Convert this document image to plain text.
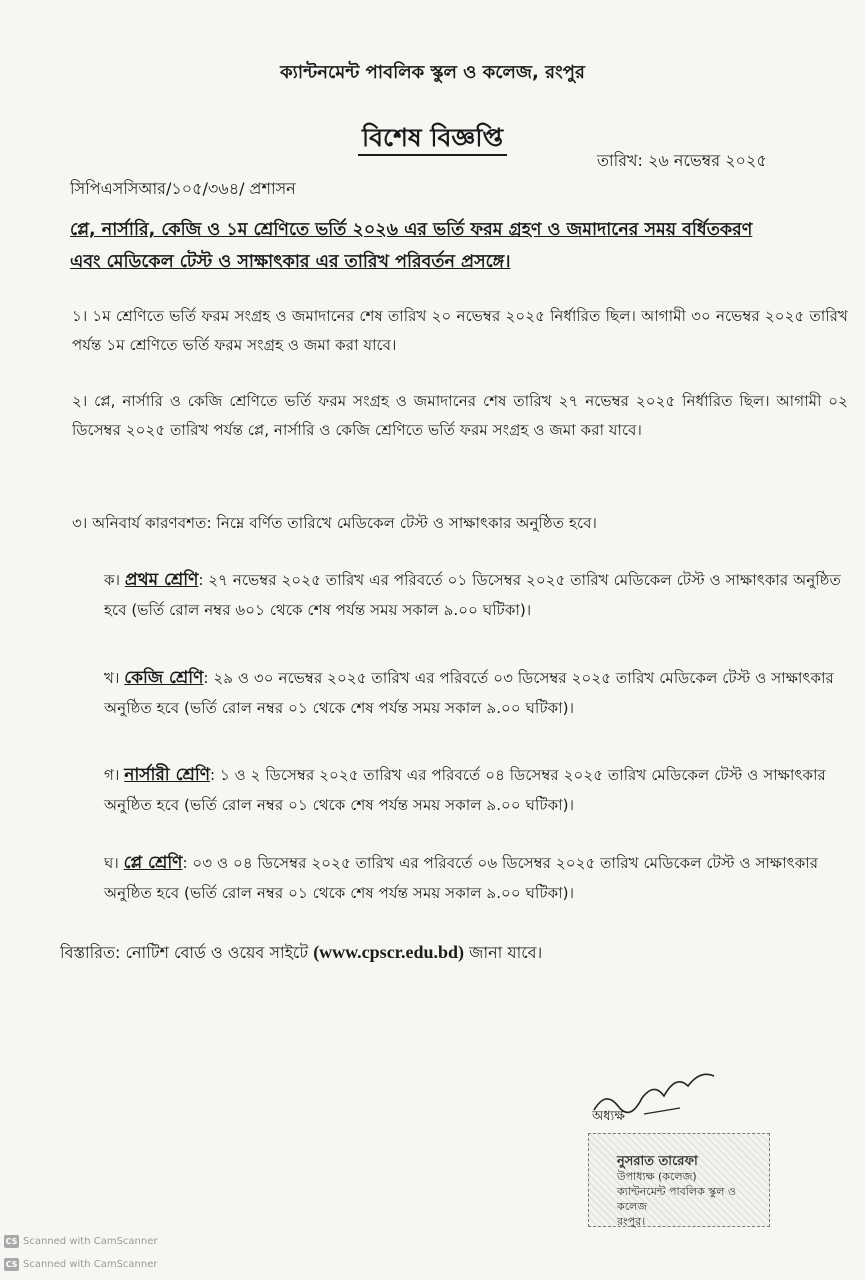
ক্যান্টনমেন্ট পাবলিক স্কুল ও কলেজ, রংপুর
বিশেষ বিজ্ঞপ্তি
তারিখ: ২৬ নভেম্বর ২০২৫
সিপিএসসিআর/১০৫/৩৬৪/ প্রশাসন
প্লে, নার্সারি, কেজি ও ১ম শ্রেণিতে ভর্তি ২০২৬ এর ভর্তি ফরম গ্রহণ ও জমাদানের সময় বর্ধিতকরণ
এবং মেডিকেল টেস্ট ও সাক্ষাৎকার এর তারিখ পরিবর্তন প্রসঙ্গে।
১। ১ম শ্রেণিতে ভর্তি ফরম সংগ্রহ ও জমাদানের শেষ তারিখ ২০ নভেম্বর ২০২৫ নির্ধারিত ছিল। আগামী ৩০ নভেম্বর ২০২৫ তারিখ পর্যন্ত ১ম শ্রেণিতে ভর্তি ফরম সংগ্রহ ও জমা করা যাবে।
২। প্লে, নার্সারি ও কেজি শ্রেণিতে ভর্তি ফরম সংগ্রহ ও জমাদানের শেষ তারিখ ২৭ নভেম্বর ২০২৫ নির্ধারিত ছিল। আগামী ০২ ডিসেম্বর ২০২৫ তারিখ পর্যন্ত প্লে, নার্সারি ও কেজি শ্রেণিতে ভর্তি ফরম সংগ্রহ ও জমা করা যাবে।
৩। অনিবার্য কারণবশত: নিম্নে বর্ণিত তারিখে মেডিকেল টেস্ট ও সাক্ষাৎকার অনুষ্ঠিত হবে।
ক। প্রথম শ্রেণি: ২৭ নভেম্বর ২০২৫ তারিখ এর পরিবর্তে ০১ ডিসেম্বর ২০২৫ তারিখ মেডিকেল টেস্ট ও সাক্ষাৎকার অনুষ্ঠিত হবে (ভর্তি রোল নম্বর ৬০১ থেকে শেষ পর্যন্ত সময় সকাল ৯.০০ ঘটিকা)।
খ। কেজি শ্রেণি: ২৯ ও ৩০ নভেম্বর ২০২৫ তারিখ এর পরিবর্তে ০৩ ডিসেম্বর ২০২৫ তারিখ মেডিকেল টেস্ট ও সাক্ষাৎকার অনুষ্ঠিত হবে (ভর্তি রোল নম্বর ০১ থেকে শেষ পর্যন্ত সময় সকাল ৯.০০ ঘটিকা)।
গ। নার্সারী শ্রেণি: ১ ও ২ ডিসেম্বর ২০২৫ তারিখ এর পরিবর্তে ০৪ ডিসেম্বর ২০২৫ তারিখ মেডিকেল টেস্ট ও সাক্ষাৎকার অনুষ্ঠিত হবে (ভর্তি রোল নম্বর ০১ থেকে শেষ পর্যন্ত সময় সকাল ৯.০০ ঘটিকা)।
ঘ। প্লে শ্রেণি: ০৩ ও ০৪ ডিসেম্বর ২০২৫ তারিখ এর পরিবর্তে ০৬ ডিসেম্বর ২০২৫ তারিখ মেডিকেল টেস্ট ও সাক্ষাৎকার অনুষ্ঠিত হবে (ভর্তি রোল নম্বর ০১ থেকে শেষ পর্যন্ত সময় সকাল ৯.০০ ঘটিকা)।
বিস্তারিত: নোটিশ বোর্ড ও ওয়েব সাইটে (www.cpscr.edu.bd) জানা যাবে।
অধ্যক্ষ
নুসরাত তারেফা
উপাধ্যক্ষ (কলেজ)
ক্যান্টনমেন্ট পাবলিক স্কুল ও কলেজ
রংপুর।
CS Scanned with CamScanner
CS Scanned with CamScanner
